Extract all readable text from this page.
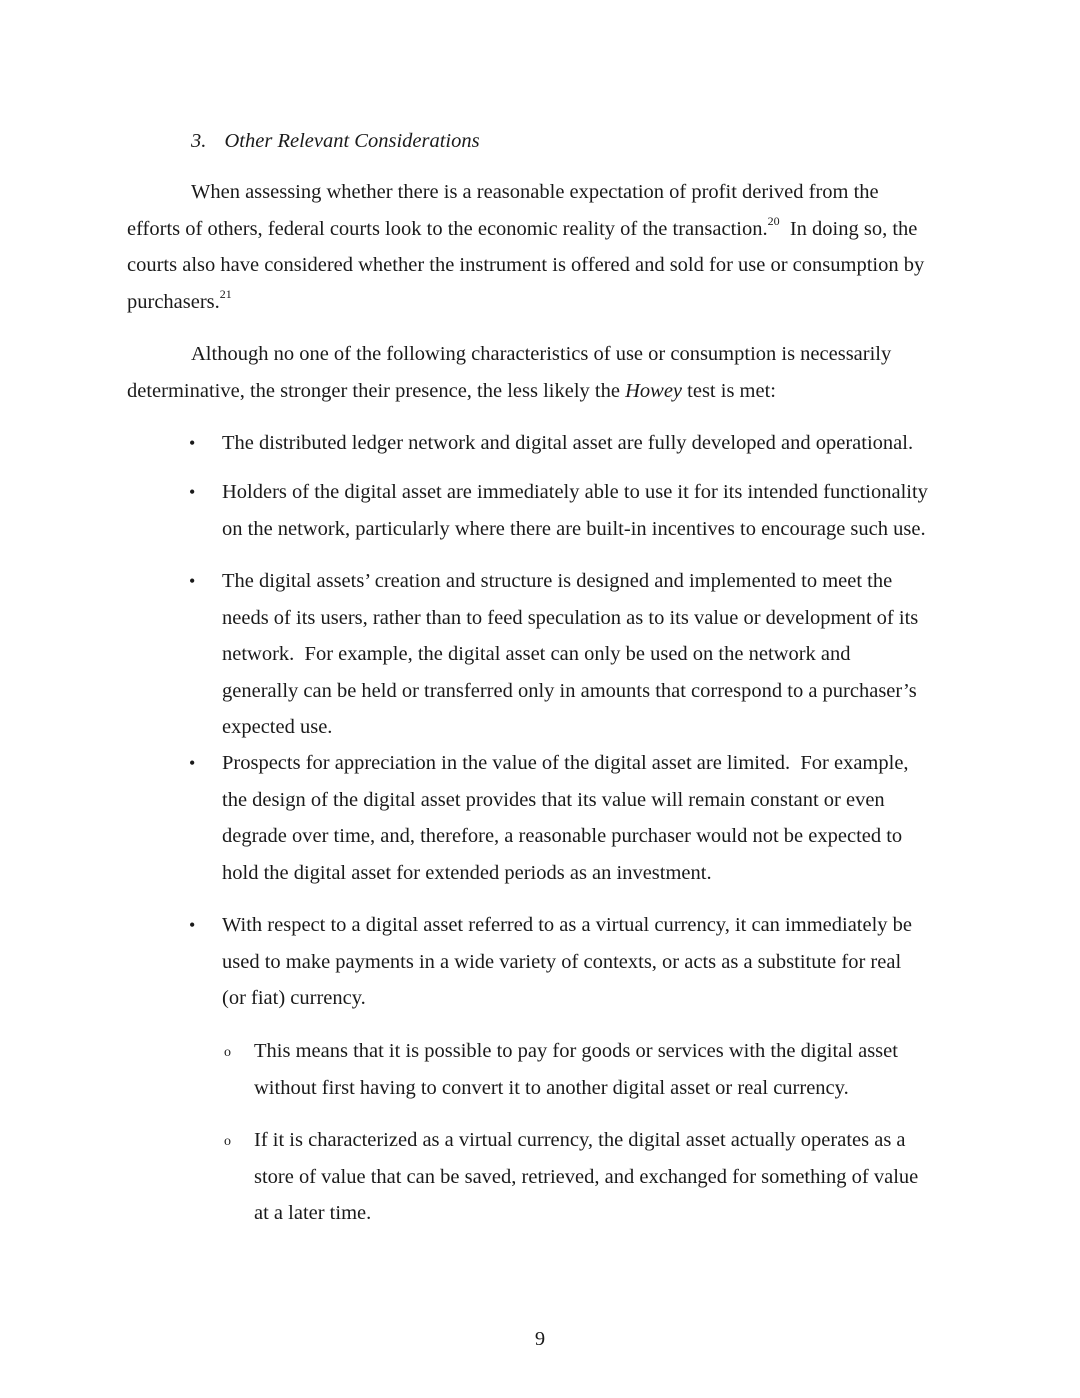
3. Other Relevant Considerations
When assessing whether there is a reasonable expectation of profit derived from the
efforts of others, federal courts look to the economic reality of the transaction.$^{20}$  In doing so, the
courts also have considered whether the instrument is offered and sold for use or consumption by
purchasers.$^{21}$
Although no one of the following characteristics of use or consumption is necessarily
determinative, the stronger their presence, the less likely the Howey test is met:
• The distributed ledger network and digital asset are fully developed and operational.
• Holders of the digital asset are immediately able to use it for its intended functionality
on the network, particularly where there are built-in incentives to encourage such use.
• The digital assets’ creation and structure is designed and implemented to meet the
needs of its users, rather than to feed speculation as to its value or development of its
network.  For example, the digital asset can only be used on the network and
generally can be held or transferred only in amounts that correspond to a purchaser’s
expected use.
• Prospects for appreciation in the value of the digital asset are limited.  For example,
the design of the digital asset provides that its value will remain constant or even
degrade over time, and, therefore, a reasonable purchaser would not be expected to
hold the digital asset for extended periods as an investment.
• With respect to a digital asset referred to as a virtual currency, it can immediately be
used to make payments in a wide variety of contexts, or acts as a substitute for real
(or fiat) currency.
o This means that it is possible to pay for goods or services with the digital asset
without first having to convert it to another digital asset or real currency.
o If it is characterized as a virtual currency, the digital asset actually operates as a
store of value that can be saved, retrieved, and exchanged for something of value
at a later time.
9
